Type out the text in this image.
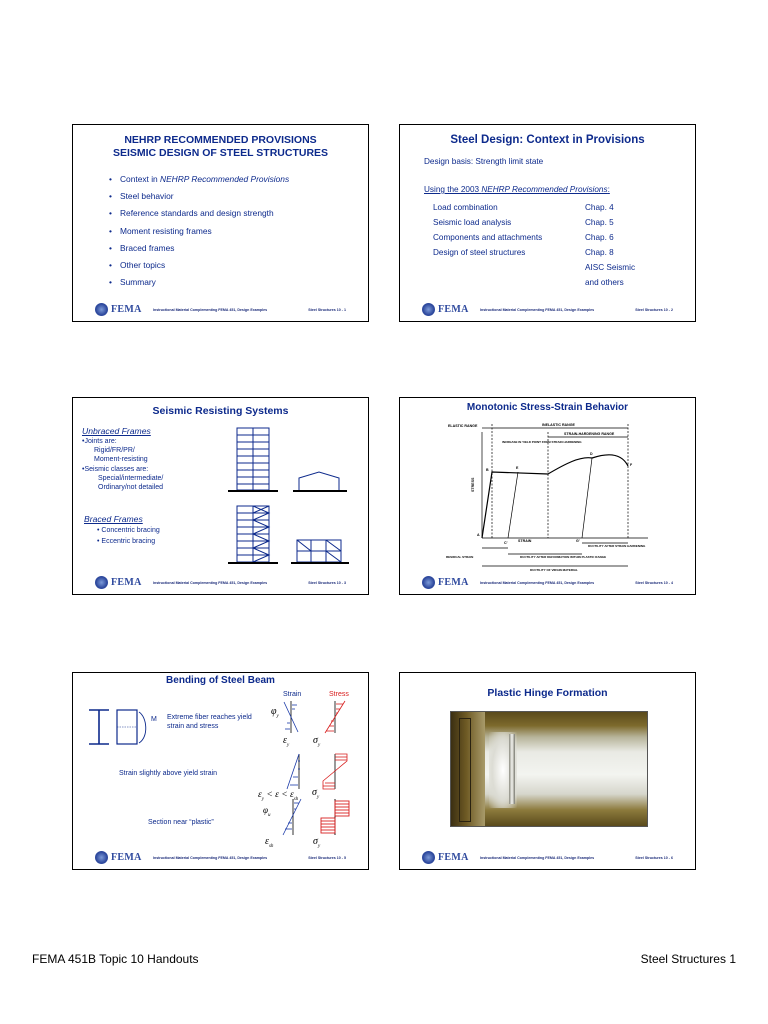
NEHRP RECOMMENDED PROVISIONS
SEISMIC DESIGN OF STEEL STRUCTURES
• Context in NEHRP Recommended Provisions
• Steel behavior
• Reference standards and design strength
• Moment resisting frames
• Braced frames
• Other topics
• Summary
FEMA	Instructional Material Complementing FEMA 451, Design Examples	Steel Structures 10 - 1
Steel Design: Context in Provisions
Design basis: Strength limit state
Using the 2003 NEHRP Recommended Provisions:
Load combination	Chap. 4
Seismic load analysis	Chap. 5
Components and attachments	Chap. 6
Design of steel structures	Chap. 8
AISC Seismic
and others
FEMA	Instructional Material Complementing FEMA 451, Design Examples	Steel Structures 10 - 2
Seismic Resisting Systems
Unbraced Frames
•Joints are:
Rigid/FR/PR/
Moment-resisting
•Seismic classes are:
Special/intermediate/
Ordinary/not detailed
Braced Frames
• Concentric bracing
• Eccentric bracing
FEMA	Instructional Material Complementing FEMA 451, Design Examples	Steel Structures 10 - 3
Monotonic Stress-Strain Behavior
ELASTIC RANGE	INELASTIC RANGE
STRAIN-HARDENING RANGE
INCREASE IN YIELD POINT FROM STRAIN HARDENING
STRESS
STRAIN
DUCTILITY AFTER STRAIN HARDENING
DUCTILITY AFTER DEFORMATION WITHIN PLASTIC RANGE
DUCTILITY OF VIRGIN MATERIAL
RESIDUAL STRAIN
A
B
C'
D
E
F
G'
FEMA	Instructional Material Complementing FEMA 451, Design Examples	Steel Structures 10 - 4
Bending of Steel Beam
Strain	Stress
M Extreme fiber reaches yield strain and stress
Strain slightly above yield strain
Section near “plastic”
$\varphi_y$
$\varepsilon_y$ $\sigma_y$
$\varepsilon_y < \varepsilon < \varepsilon_{sh}$
$\sigma_y$
$\varphi_u$
$\varepsilon_{sh}$	$\sigma_y$
FEMA	Instructional Material Complementing FEMA 451, Design Examples	Steel Structures 10 - 5
Plastic Hinge Formation
FEMA	Instructional Material Complementing FEMA 451, Design Examples	Steel Structures 10 - 6
FEMA 451B Topic 10 Handouts	Steel Structures 1
